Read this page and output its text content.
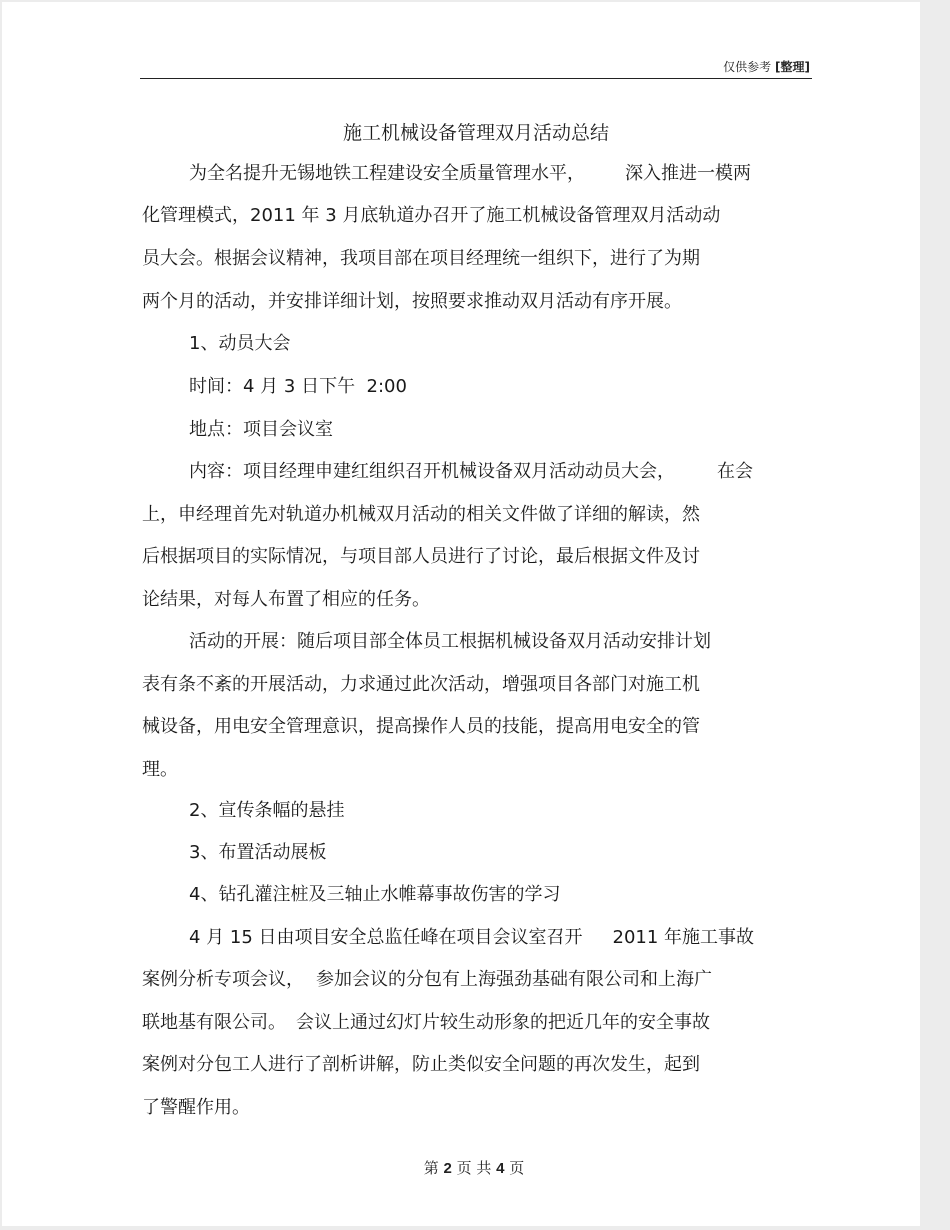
仅供参考 [整理]
施工机械设备管理双月活动总结
为全名提升无锡地铁工程建设安全质量管理水平， 深入推进一模两
化管理模式，2011 年 3 月底轨道办召开了施工机械设备管理双月活动动
员大会。根据会议精神，我项目部在项目经理统一组织下，进行了为期
两个月的活动，并安排详细计划，按照要求推动双月活动有序开展。
1、动员大会
时间：4 月 3 日下午  2:00
地点：项目会议室
内容：项目经理申建红组织召开机械设备双月活动动员大会， 在会
上，申经理首先对轨道办机械双月活动的相关文件做了详细的解读，然
后根据项目的实际情况，与项目部人员进行了讨论，最后根据文件及讨
论结果，对每人布置了相应的任务。
活动的开展：随后项目部全体员工根据机械设备双月活动安排计划
表有条不紊的开展活动，力求通过此次活动，增强项目各部门对施工机
械设备，用电安全管理意识，提高操作人员的技能，提高用电安全的管
理。
2、宣传条幅的悬挂
3、布置活动展板
4、钻孔灌注桩及三轴止水帷幕事故伤害的学习
4 月 15 日由项目安全总监任峰在项目会议室召开 2011 年施工事故
案例分析专项会议， 参加会议的分包有上海强劲基础有限公司和上海广
联地基有限公司。 会议上通过幻灯片较生动形象的把近几年的安全事故
案例对分包工人进行了剖析讲解，防止类似安全问题的再次发生，起到
了警醒作用。
第 2 页 共 4 页
